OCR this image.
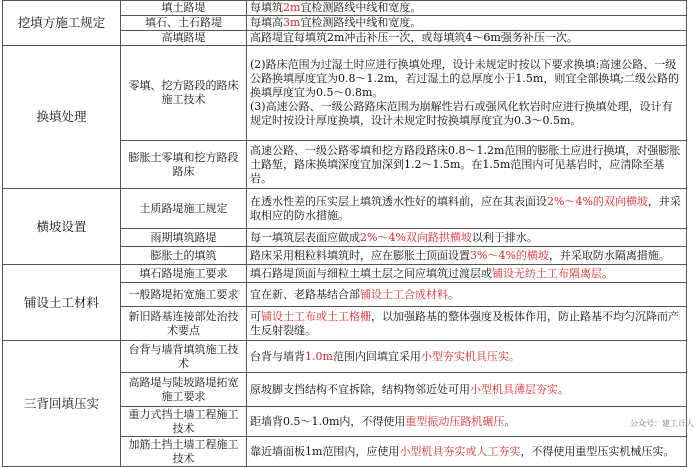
挖填方施工规定	填土路堤	每填筑2m宜检测路线中线和宽度。
	填石、土石路堤	每填高3m宜检测路线中线和宽度。
	高填路堤	高路堤宜每填筑2m冲击补压一次，或每填筑4～6m强务补压一次。
换填处理	零填、挖方路段的路床施工技术	(2)路床范围为过湿土时应进行换填处理，设计未规定时按以下要求换填:高速公路、一级公路换填厚度宜为0.8～1.2m，若过湿土的总厚度小于1.5m，则宜全部换填;二级公路的换填厚度宜为0.5～0.8m。
(3)高速公路、一级公路路床范围为崩解性岩石或强风化软岩时应进行换填处理，设计有规定时按设计厚度换填，设计未规定时按换填厚度宜为0.3～0.5m。
	膨胀土零填和挖方路段路床	高速公路、一级公路零填和挖方路段路床0.8～1.2m范围的膨胀土应进行换填，对强膨胀土路堑，路床换填深度宜加深到1.2～1.5m。在1.5m范围内可见基岩时，应清除至基岩。
横坡设置	土质路堤施工规定	在透水性差的压实层上填筑透水性好的填料前，应在其表面设2%～4%的双向横坡，并采取相应的防水措施。
	雨期填筑路堤	每一填筑层表面应做成2%～4%双向路拱横坡以利于排水。
	膨胀土的填筑	路床采用粗粒料填筑时，应在膨胀土顶面设置3%～4%的横坡，并采取防水隔离措施。
铺设土工材料	填石路堤施工要求	填石路堤顶面与细粒土填土层之间应填筑过渡层或铺设无纺土工布隔离层。
	一般路堤拓宽施工要求	宜在新、老路基结合部铺设土工合成材料。
	新旧路基连接部处治技术要点	可铺设土工布或土工格栅，以加强路基的整体强度及板体作用，防止路基不均匀沉降而产生反射裂缝。
三背回填压实	台背与墙背填筑施工技术	台背与墙背1.0m范围内回填宜采用小型夯实机具压实。
	高路堤与陡坡路堤拓宽施工要求	原坡脚支挡结构不宜拆除，结构物邻近处可用小型机具薄层夯实。
	重力式挡土墙工程施工技术	距墙背0.5～1.0m内，不得使用重型振动压路机碾压。
	加筋土挡土墙工程施工技术	靠近墙面板1m范围内，应使用小型机具夯实或人工夯实，不得使用重型压实机械压实。
公众号：建工计人
